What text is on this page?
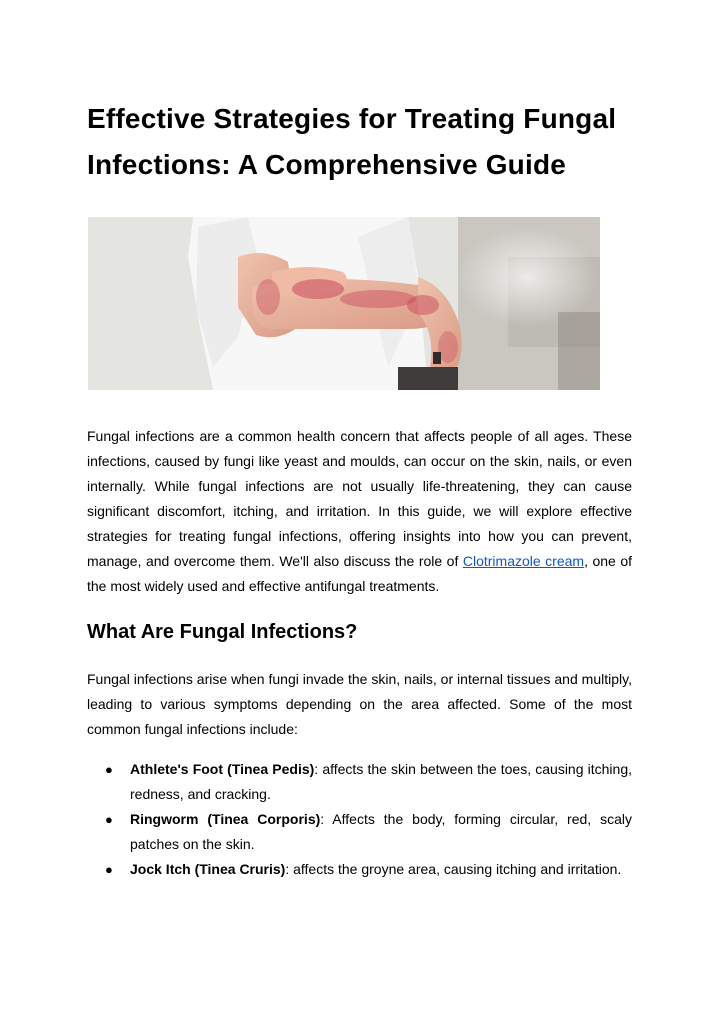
Effective Strategies for Treating Fungal Infections: A Comprehensive Guide

Fungal infections are a common health concern that affects people of all ages. These infections, caused by fungi like yeast and moulds, can occur on the skin, nails, or even internally. While fungal infections are not usually life-threatening, they can cause significant discomfort, itching, and irritation. In this guide, we will explore effective strategies for treating fungal infections, offering insights into how you can prevent, manage, and overcome them. We'll also discuss the role of Clotrimazole cream, one of the most widely used and effective antifungal treatments.

What Are Fungal Infections?

Fungal infections arise when fungi invade the skin, nails, or internal tissues and multiply, leading to various symptoms depending on the area affected. Some of the most common fungal infections include:

● Athlete's Foot (Tinea Pedis): affects the skin between the toes, causing itching, redness, and cracking.
● Ringworm (Tinea Corporis): Affects the body, forming circular, red, scaly patches on the skin.
● Jock Itch (Tinea Cruris): affects the groyne area, causing itching and irritation.
